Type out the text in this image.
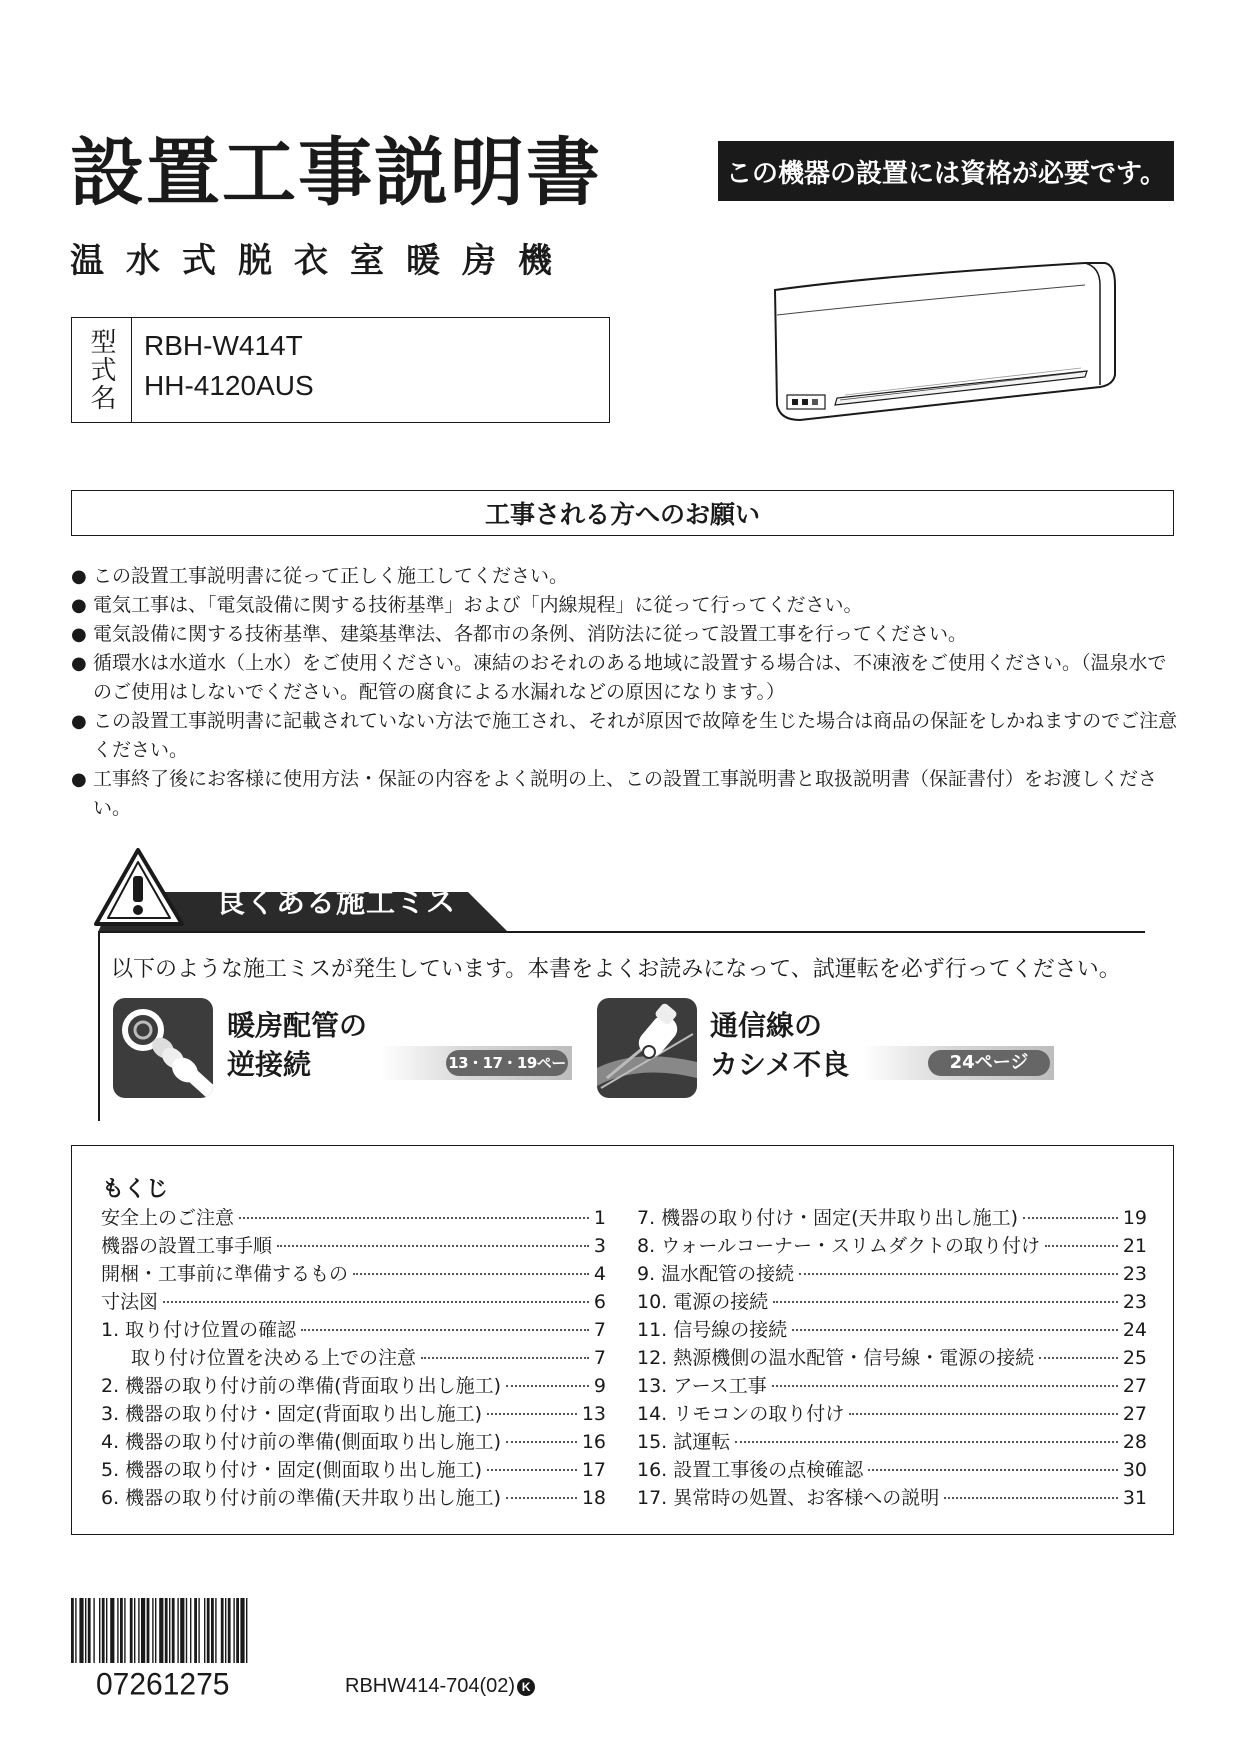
設置工事説明書
温水式脱衣室暖房機
この機器の設置には資格が必要です。
型式名	RBH-W414T
HH-4120AUS
工事される方へのお願い
● この設置工事説明書に従って正しく施工してください。
● 電気工事は、「電気設備に関する技術基準」および「内線規程」に従って行ってください。
● 電気設備に関する技術基準、建築基準法、各都市の条例、消防法に従って設置工事を行ってください。
● 循環水は水道水（上水）をご使用ください。凍結のおそれのある地域に設置する場合は、不凍液をご使用ください。（温泉水でのご使用はしないでください。配管の腐食による水漏れなどの原因になります。）
● この設置工事説明書に記載されていない方法で施工され、それが原因で故障を生じた場合は商品の保証をしかねますのでご注意ください。
● 工事終了後にお客様に使用方法・保証の内容をよく説明の上、この設置工事説明書と取扱説明書（保証書付）をお渡しください。
良くある施工ミス
以下のような施工ミスが発生しています。本書をよくお読みになって、試運転を必ず行ってください。
暖房配管の
逆接続	13・17・19ページ
通信線の
カシメ不良	24ページ
もくじ
安全上のご注意	1
機器の設置工事手順	3
開梱・工事前に準備するもの	4
寸法図	6
1. 取り付け位置の確認	7
取り付け位置を決める上での注意	7
2. 機器の取り付け前の準備(背面取り出し施工)	9
3. 機器の取り付け・固定(背面取り出し施工)	13
4. 機器の取り付け前の準備(側面取り出し施工)	16
5. 機器の取り付け・固定(側面取り出し施工)	17
6. 機器の取り付け前の準備(天井取り出し施工)	18
7. 機器の取り付け・固定(天井取り出し施工)	19
8. ウォールコーナー・スリムダクトの取り付け	21
9. 温水配管の接続	23
10. 電源の接続	23
11. 信号線の接続	24
12. 熱源機側の温水配管・信号線・電源の接続	25
13. アース工事	27
14. リモコンの取り付け	27
15. 試運転	28
16. 設置工事後の点検確認	30
17. 異常時の処置、お客様への説明	31
07261275	RBHW414-704(02) K
